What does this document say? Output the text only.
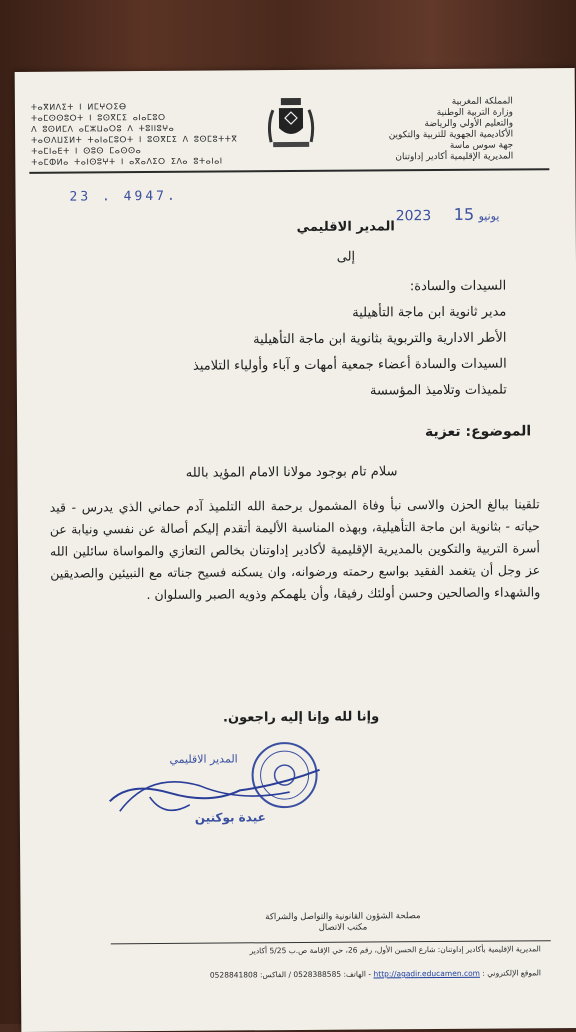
ⵜⴰⴳⵍⴷⵉⵜ ⵏ ⵍⵎⵖⵔⵉⴱ
ⵜⴰⵎⵙⵙⵓⵔⵜ ⵏ ⵓⵙⴳⵎⵉ ⴰⵏⴰⵎⵓⵔ
ⴷ ⵓⵙⵍⵎⴷ ⴰⵎⵣⵡⴰⵔⵓ ⴷ ⵜⵓⵏⵏⵓⵖⴰ
ⵜⴰⵙⴷⵡⵉⵍⵜ ⵜⴰⵏⴰⵎⵓⵔⵜ ⵏ ⵓⵙⴳⵎⵉ ⴷ ⵓⵙⵎⵓⵜⵜⴳ
ⵜⴰⵎⵏⴰⴹⵜ ⵏ ⵙⵓⵙ ⵎⴰⵙⵙⴰ
ⵜⴰⵎⵀⵍⴰ ⵜⴰⵏⵙⵓⵖⵜ ⵏ ⴰⴳⴰⴷⵉⵔ ⵉⴷⴰ ⵓⵜⴰⵏⴰⵏ
المملكة المغربية
وزارة التربية الوطنية
والتعليم الأولي والرياضة
الأكاديمية الجهوية للتربية والتكوين
جهة سوس ماسة
المديرية الإقليمية أكادير إداوتنان
23 . 4947.
2023	يونيو 15
المدير الاقليمي
إلى
السيدات والسادة:
مدير ثانوية ابن ماجة التأهيلية
الأطر الادارية والتربوية بثانوية ابن ماجة التأهيلية
السيدات والسادة أعضاء جمعية أمهات و آباء وأولياء التلاميذ
تلميذات وتلاميذ المؤسسة
الموضوع: تعزية
سلام تام بوجود مولانا الامام المؤيد بالله

تلقينا ببالغ الحزن والاسى نبأ وفاة المشمول برحمة الله التلميذ آدم حماني الذي يدرس - قيد حياته - بثانوية ابن ماجة التأهيلية، وبهذه المناسبة الأليمة أتقدم إليكم أصالة عن نفسي ونيابة عن أسرة التربية والتكوين بالمديرية الإقليمية لأكادير إداوتنان بخالص التعازي والمواساة سائلين الله عز وجل أن يتغمد الفقيد بواسع رحمته ورضوانه، وان يسكنه فسيح جناته مع النبيئين والصديقين والشهداء والصالحين وحسن أولئك رفيقا، وأن يلهمكم وذويه الصبر والسلوان .

وإنا لله وإنا إليه راجعون.
المدير الاقليمي
عيدة بوكنين
مصلحة الشؤون القانونية والتواصل والشراكة
مكتب الاتصال
المديرية الإقليمية بأكادير إداوتنان: شارع الحسن الأول، رقم 26، حي الإقامة ص.ب 5/25 أكادير
الموقع الإلكتروني : http://agadir.educamen.com - الهاتف: 0528388585 / الفاكس: 0528841808
